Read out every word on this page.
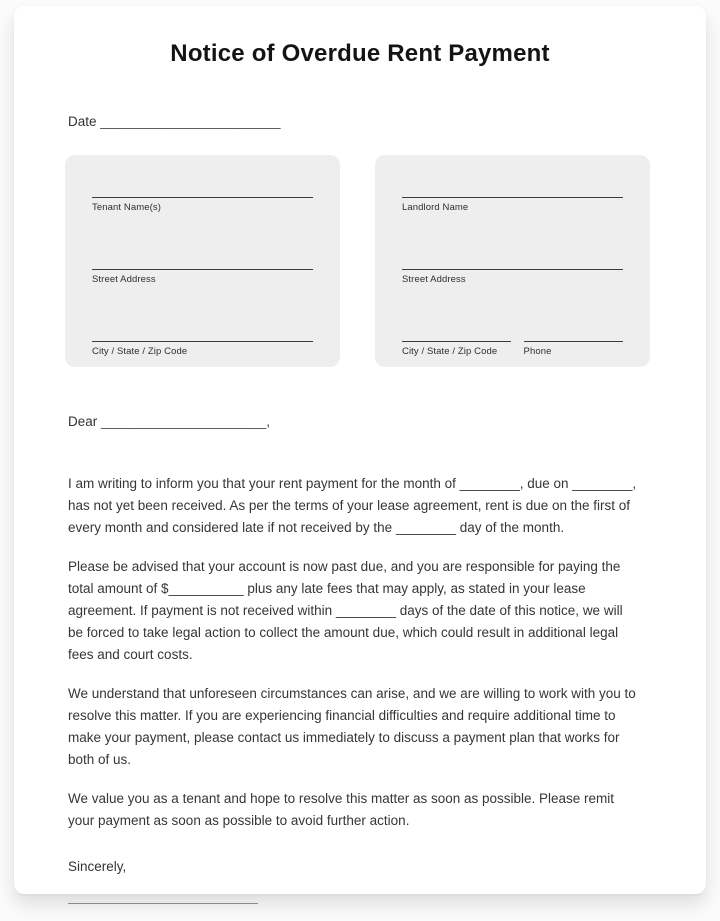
Notice of Overdue Rent Payment
Date ________________________
Tenant Name(s)
Street Address
City / State / Zip Code
Landlord Name
Street Address
City / State / Zip Code	Phone
Dear ______________________,

I am writing to inform you that your rent payment for the month of ________, due on ________,
has not yet been received. As per the terms of your lease agreement, rent is due on the first of
every month and considered late if not received by the ________ day of the month.

Please be advised that your account is now past due, and you are responsible for paying the
total amount of $__________ plus any late fees that may apply, as stated in your lease
agreement. If payment is not received within ________ days of the date of this notice, we will
be forced to take legal action to collect the amount due, which could result in additional legal
fees and court costs.

We understand that unforeseen circumstances can arise, and we are willing to work with you to
resolve this matter. If you are experiencing financial difficulties and require additional time to
make your payment, please contact us immediately to discuss a payment plan that works for
both of us.

We value you as a tenant and hope to resolve this matter as soon as possible. Please remit
your payment as soon as possible to avoid further action.

Sincerely,
